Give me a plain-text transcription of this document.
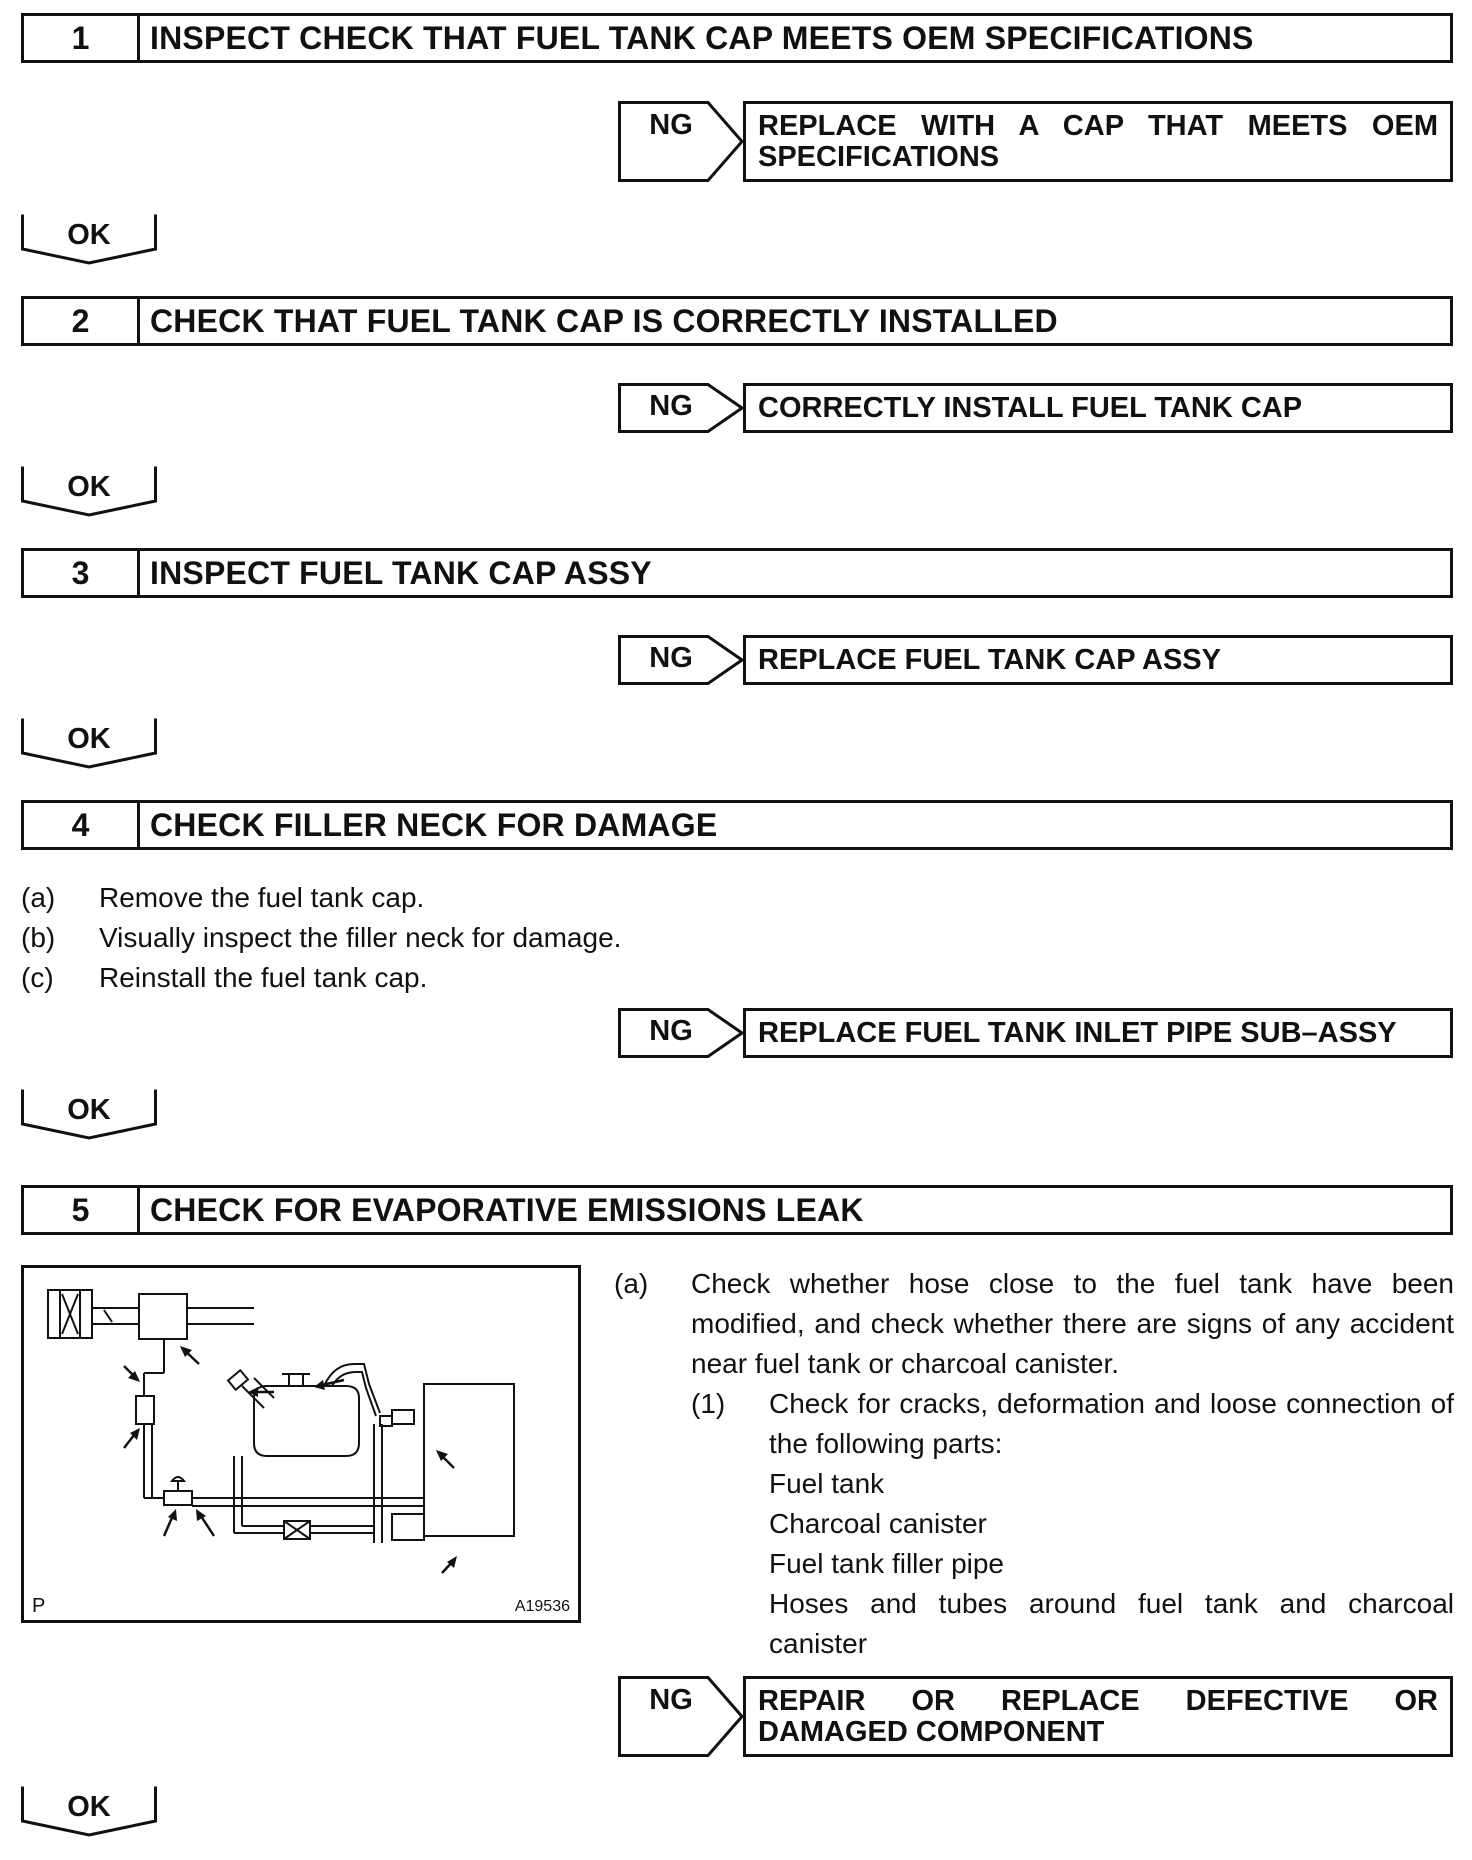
1	INSPECT CHECK THAT FUEL TANK CAP MEETS OEM SPECIFICATIONS
NG	REPLACE WITH A CAP THAT MEETS OEM SPECIFICATIONS
OK
2	CHECK THAT FUEL TANK CAP IS CORRECTLY INSTALLED
NG	CORRECTLY INSTALL FUEL TANK CAP
OK
3	INSPECT FUEL TANK CAP ASSY
NG	REPLACE FUEL TANK CAP ASSY
OK
4	CHECK FILLER NECK FOR DAMAGE
(a)	Remove the fuel tank cap.
(b)	Visually inspect the filler neck for damage.
(c)	Reinstall the fuel tank cap.
NG	REPLACE FUEL TANK INLET PIPE SUB–ASSY
OK
5	CHECK FOR EVAPORATIVE EMISSIONS LEAK
P	A19536
(a) Check whether hose close to the fuel tank have been modified, and check whether there are signs of any accident near fuel tank or charcoal canister.
(1) Check for cracks, deformation and loose connection of the following parts:
Fuel tank
Charcoal canister
Fuel tank filler pipe
Hoses and tubes around fuel tank and charcoal canister
NG	REPAIR OR REPLACE DEFECTIVE OR DAMAGED COMPONENT
OK
